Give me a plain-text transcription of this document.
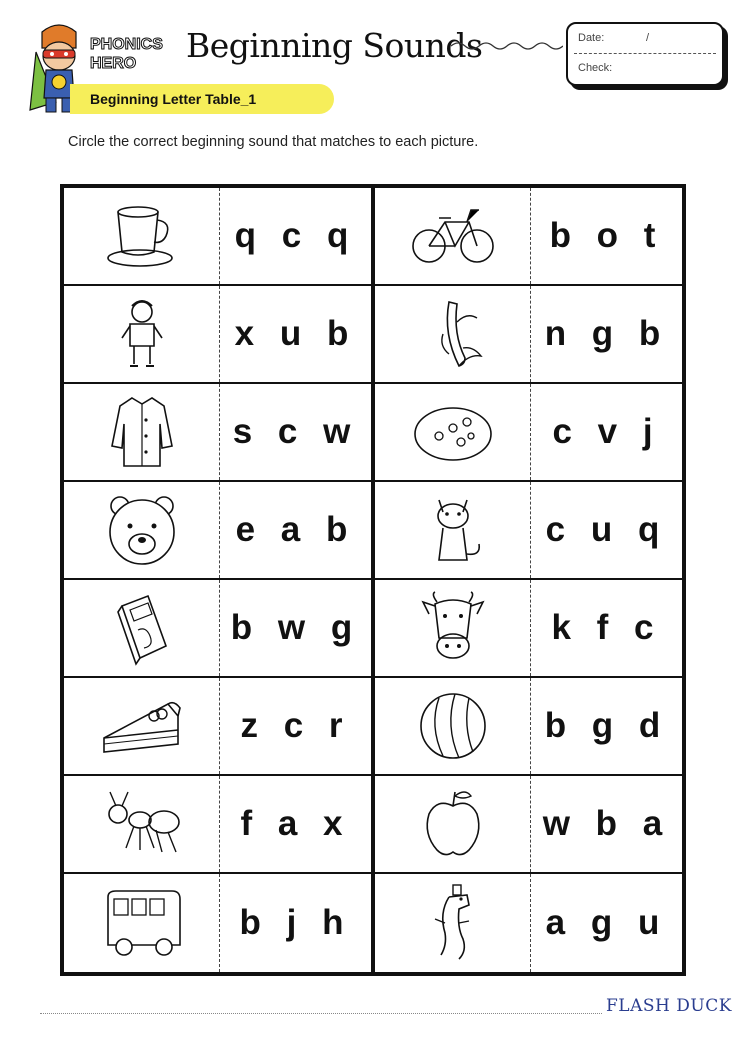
PHONICS
HERO Beginning Sounds	Date:	/
Check:
Beginning Letter Table_1
Circle the correct beginning sound that matches to each picture.
q c q
x u b
s c w
e a b
b w g
z c r
f a x
b j h
b o t
n g b
c v j
c u q
k f c
b g d
w b a
a g u
FLASH DUCK
